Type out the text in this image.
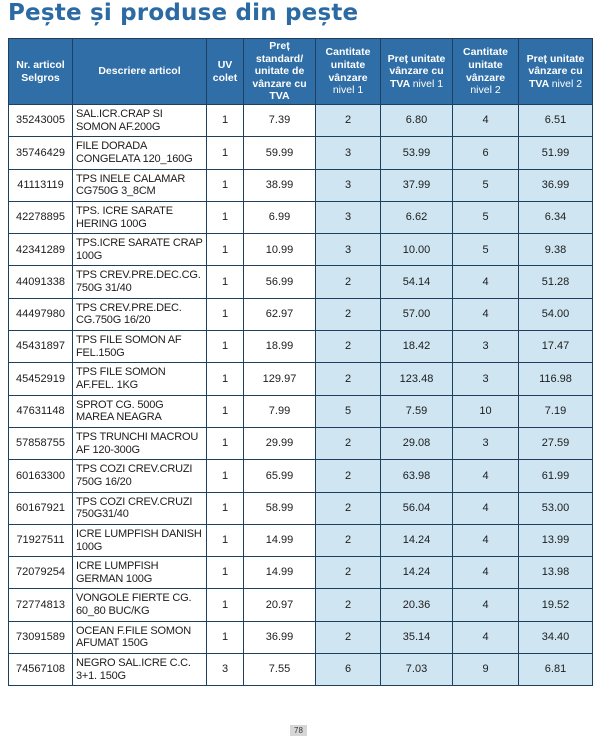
Pește și produse din pește
Nr. articol Selgros	Descriere articol	UV colet	Preț standard/ unitate de vânzare cu TVA	Cantitate unitate vânzare nivel 1	Preț unitate vânzare cu TVA nivel 1	Cantitate unitate vânzare nivel 2	Preț unitate vânzare cu TVA nivel 2
35243005	SAL.ICR.CRAP SI SOMON AF.200G	1	7.39	2	6.80	4	6.51
35746429	FILE DORADA CONGELATA 120_160G	1	59.99	3	53.99	6	51.99
41113119	TPS INELE CALAMAR CG750G 3_8CM	1	38.99	3	37.99	5	36.99
42278895	TPS. ICRE SARATE HERING 100G	1	6.99	3	6.62	5	6.34
42341289	TPS.ICRE SARATE CRAP 100G	1	10.99	3	10.00	5	9.38
44091338	TPS CREV.PRE.DEC.CG. 750G 31/40	1	56.99	2	54.14	4	51.28
44497980	TPS CREV.PRE.DEC. CG.750G 16/20	1	62.97	2	57.00	4	54.00
45431897	TPS FILE SOMON AF FEL.150G	1	18.99	2	18.42	3	17.47
45452919	TPS FILE SOMON AF.FEL. 1KG	1	129.97	2	123.48	3	116.98
47631148	SPROT CG. 500G MAREA NEAGRA	1	7.99	5	7.59	10	7.19
57858755	TPS TRUNCHI MACROU AF 120-300G	1	29.99	2	29.08	3	27.59
60163300	TPS COZI CREV.CRUZI 750G 16/20	1	65.99	2	63.98	4	61.99
60167921	TPS COZI CREV.CRUZI 750G31/40	1	58.99	2	56.04	4	53.00
71927511	ICRE LUMPFISH DANISH 100G	1	14.99	2	14.24	4	13.99
72079254	ICRE LUMPFISH GERMAN 100G	1	14.99	2	14.24	4	13.98
72774813	VONGOLE FIERTE CG. 60_80 BUC/KG	1	20.97	2	20.36	4	19.52
73091589	OCEAN F.FILE SOMON AFUMAT 150G	1	36.99	2	35.14	4	34.40
74567108	NEGRO SAL.ICRE C.C. 3+1. 150G	3	7.55	6	7.03	9	6.81
78
